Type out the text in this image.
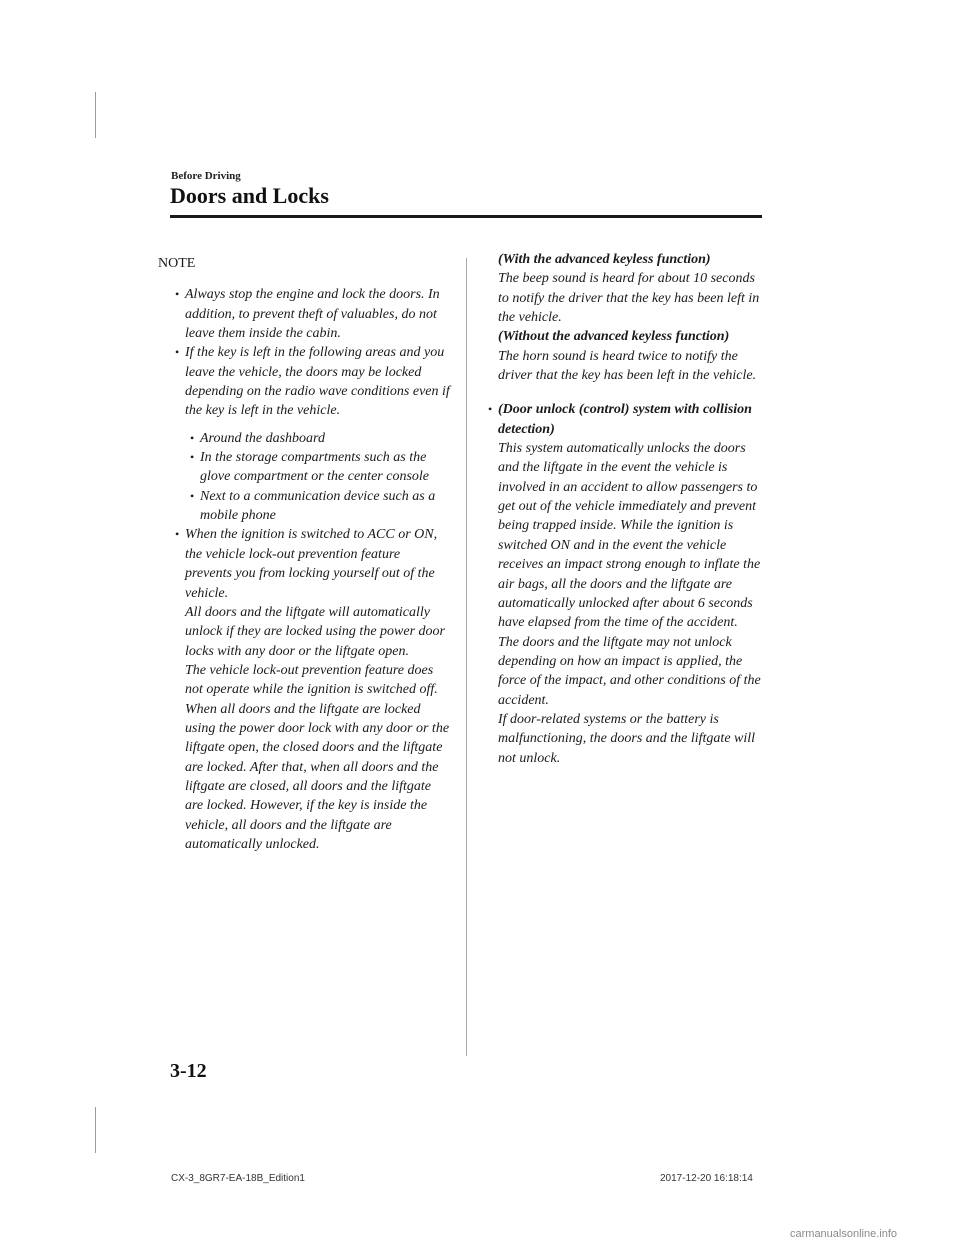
Before Driving
Doors and Locks
NOTE
• Always stop the engine and lock the doors. In addition, to prevent theft of valuables, do not leave them inside the cabin.
• If the key is left in the following areas and you leave the vehicle, the doors may be locked depending on the radio wave conditions even if the key is left in the vehicle.
• Around the dashboard
• In the storage compartments such as the glove compartment or the center console
• Next to a communication device such as a mobile phone
• When the ignition is switched to ACC or ON, the vehicle lock-out prevention feature prevents you from locking yourself out of the vehicle.
All doors and the liftgate will automatically unlock if they are locked using the power door locks with any door or the liftgate open.
The vehicle lock-out prevention feature does not operate while the ignition is switched off.
When all doors and the liftgate are locked using the power door lock with any door or the liftgate open, the closed doors and the liftgate are locked. After that, when all doors and the liftgate are closed, all doors and the liftgate are locked. However, if the key is inside the vehicle, all doors and the liftgate are automatically unlocked.
(With the advanced keyless function)
The beep sound is heard for about 10 seconds to notify the driver that the key has been left in the vehicle.
(Without the advanced keyless function)
The horn sound is heard twice to notify the driver that the key has been left in the vehicle.
• (Door unlock (control) system with collision detection)
This system automatically unlocks the doors and the liftgate in the event the vehicle is involved in an accident to allow passengers to get out of the vehicle immediately and prevent being trapped inside. While the ignition is switched ON and in the event the vehicle receives an impact strong enough to inflate the air bags, all the doors and the liftgate are automatically unlocked after about 6 seconds have elapsed from the time of the accident.
The doors and the liftgate may not unlock depending on how an impact is applied, the force of the impact, and other conditions of the accident.
If door-related systems or the battery is malfunctioning, the doors and the liftgate will not unlock.
3-12
CX-3_8GR7-EA-18B_Edition1	2017-12-20 16:18:14
carmanualsonline.info
